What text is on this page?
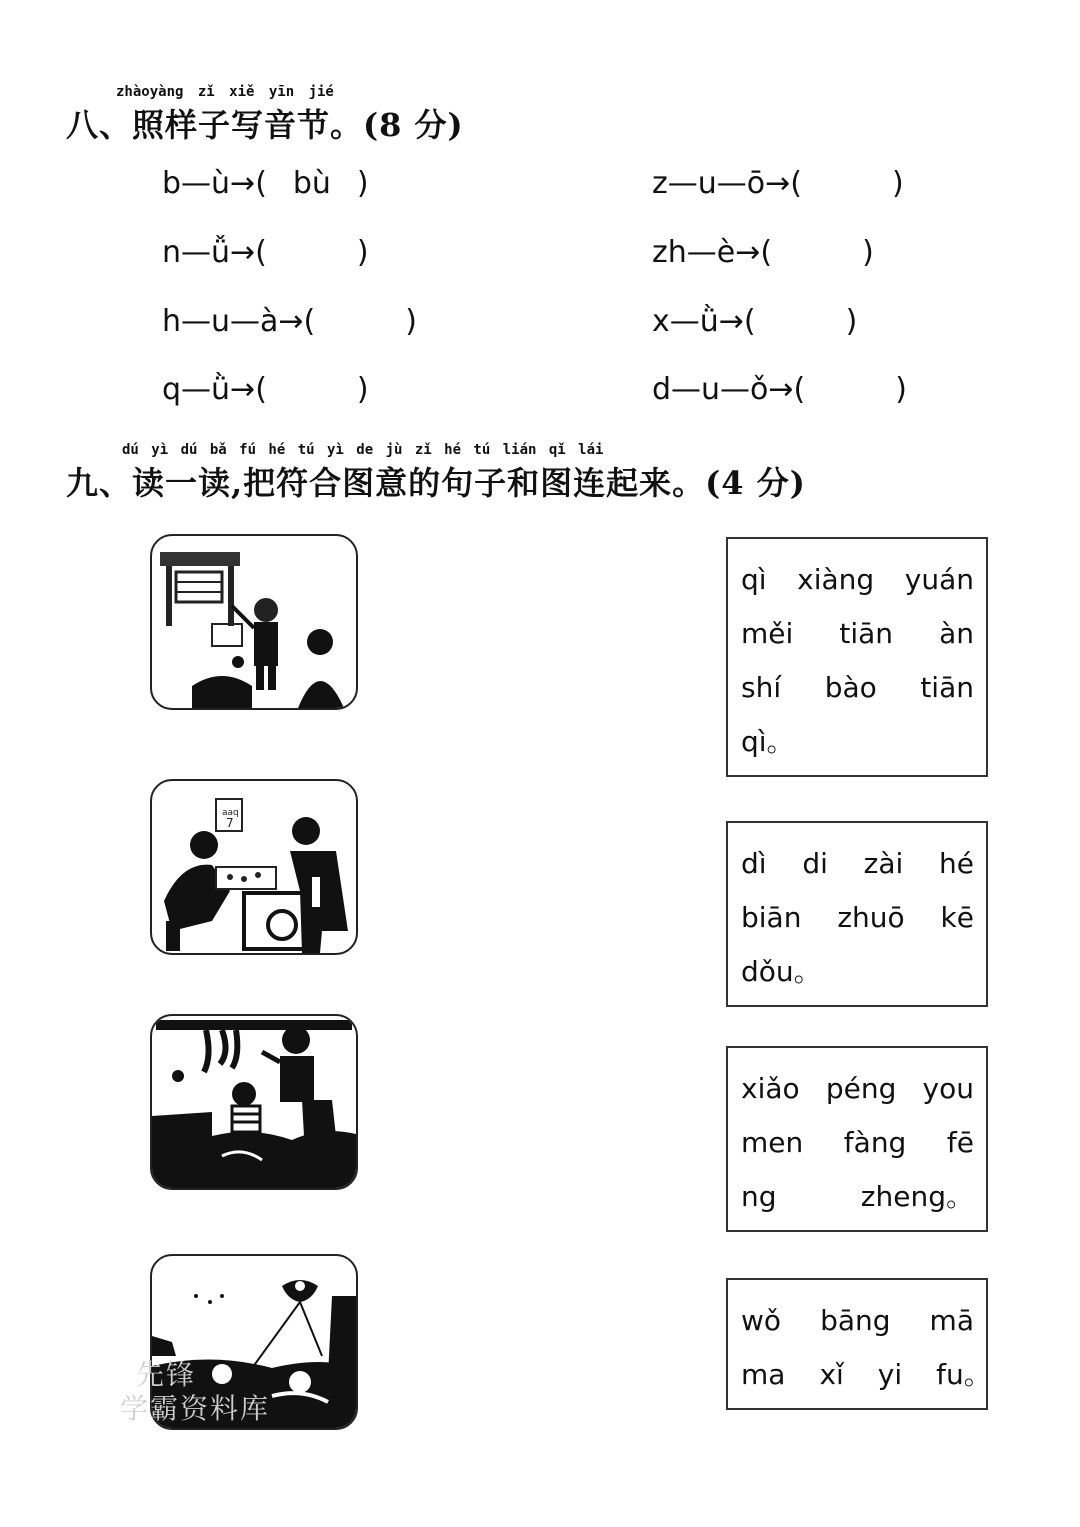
zhàoyàng zǐ xiě yīn jié
八、照样子写音节。(8 分)
b—ù→( bù )	z—u—ō→(	)
n—ǚ→(	)	zh—è→(	)
h—u—à→(	)	x—ǜ→(	)
q—ǜ→(	)	d—u—ǒ→(	)
dú yì dú bǎ fú hé tú yì de jù zǐ hé tú lián qǐ lái
九、读一读,把符合图意的句子和图连起来。(4 分)
aaq
7
qì xiàng yuán
měi tiān àn
shí bào tiān
qì。
dì di zài hé
biān zhuō kē
dǒu。
xiǎo péng you
men fàng fē
ng	zheng。
wǒ bāng mā
ma xǐ yi fu。
先锋
学霸资料库
